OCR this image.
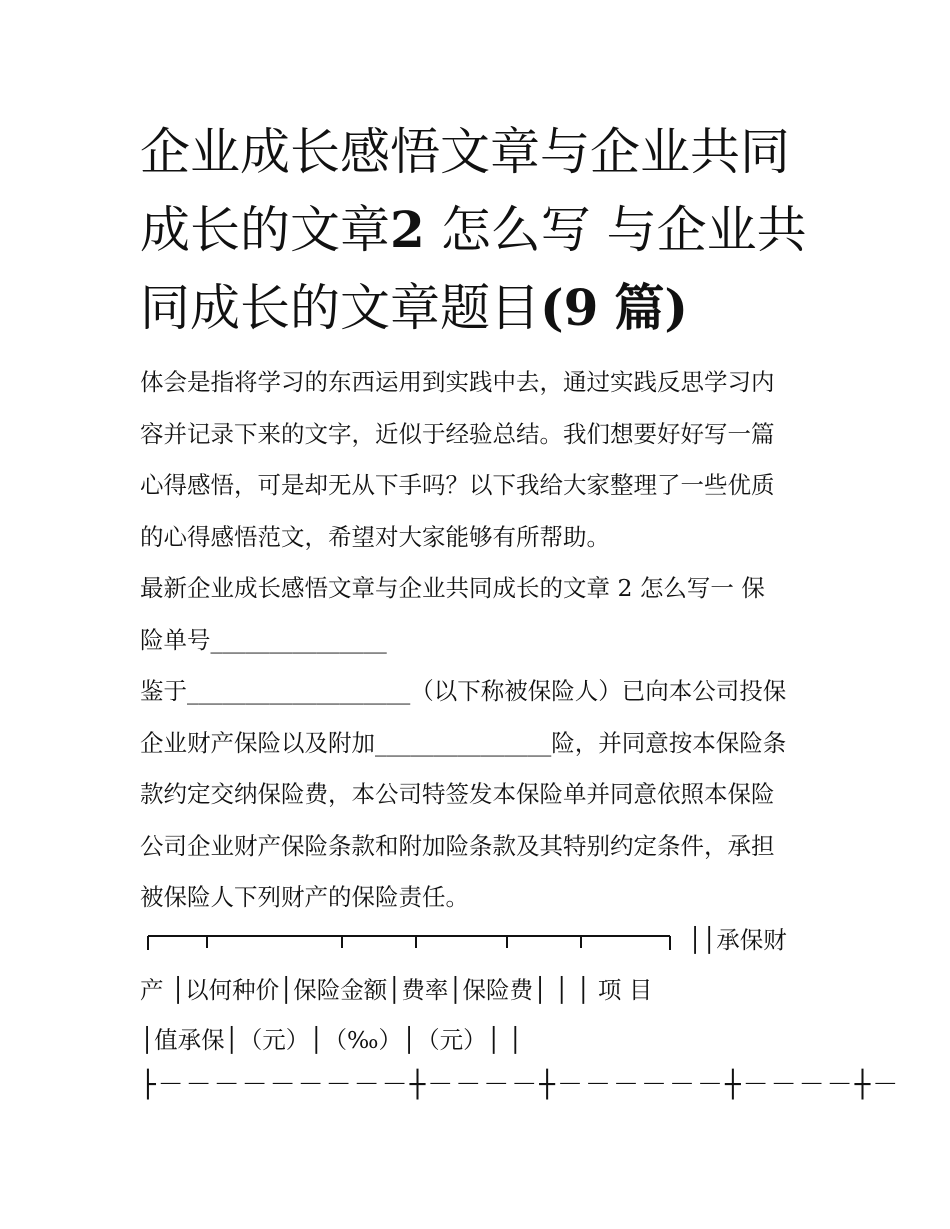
企业成长感悟文章与企业共同
成长的文章2 怎么写 与企业共
同成长的文章题目(9 篇)
体会是指将学习的东西运用到实践中去，通过实践反思学习内
容并记录下来的文字，近似于经验总结。我们想要好好写一篇
心得感悟，可是却无从下手吗？以下我给大家整理了一些优质
的心得感悟范文，希望对大家能够有所帮助。
最新企业成长感悟文章与企业共同成长的文章 2 怎么写一 保
险单号_______________
鉴于___________________（以下称被保险人）已向本公司投保
企业财产保险以及附加_______________险，并同意按本保险条
款约定交纳保险费，本公司特签发本保险单并同意依照本保险
公司企业财产保险条款和附加险条款及其特别约定条件，承担
被保险人下列财产的保险责任。
││承保财
产 │以何种价│保险金额│费率│保险费│ │ │ 项 目
│值承保│（元）│（‰）│（元）│ │
├－－－－－－－－－┼－－－－┼－－－－－－┼－－－－┼－
